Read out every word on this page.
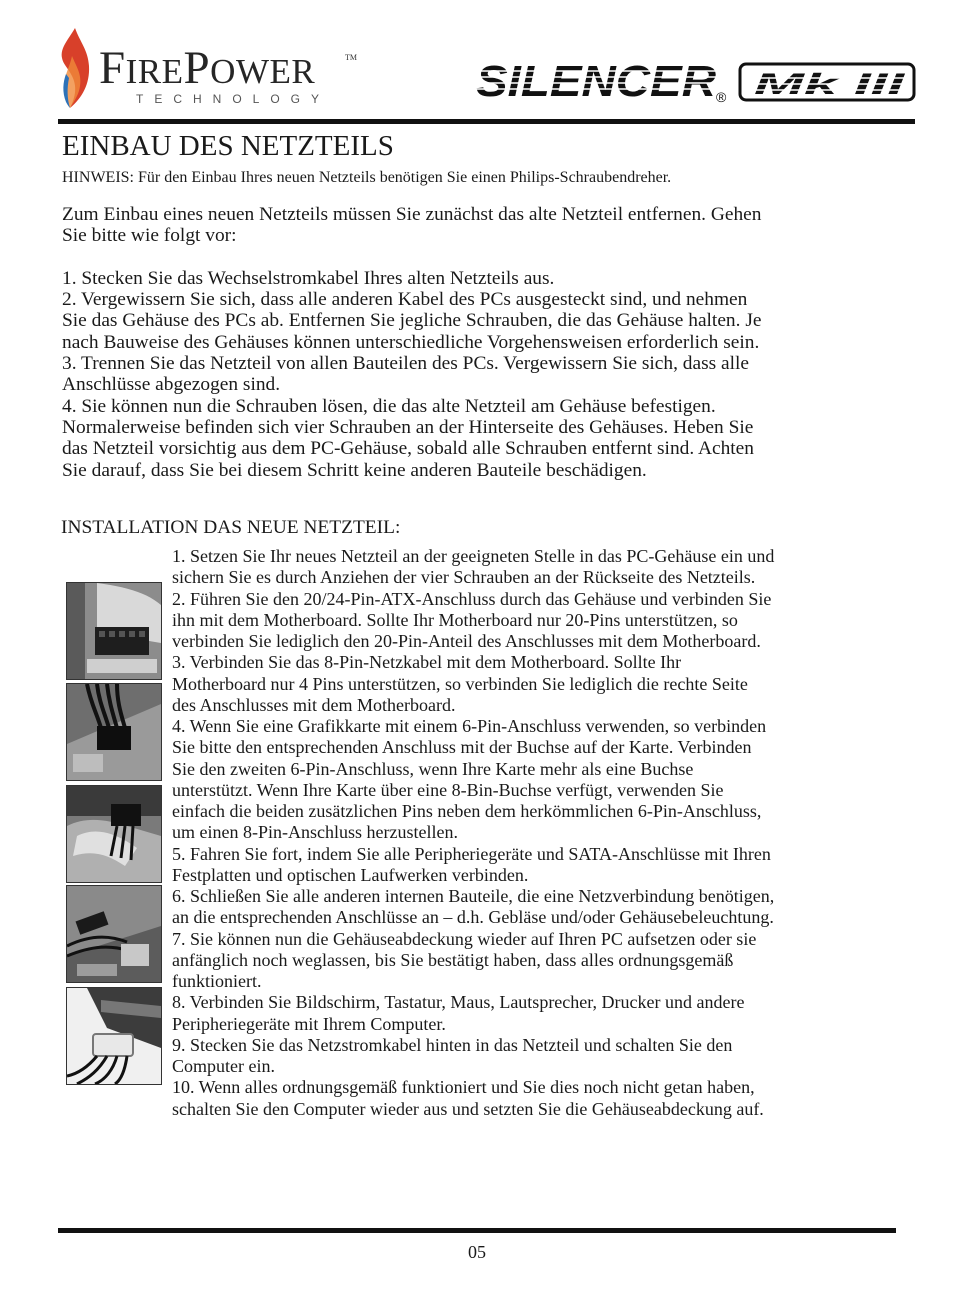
FIREPOWER	TM
TECHNOLOGY	SILENCER ® Mk III
EINBAU DES NETZTEILS
HINWEIS: Für den Einbau Ihres neuen Netzteils benötigen Sie einen Philips-Schraubendreher.
Zum Einbau eines neuen Netzteils müssen Sie zunächst das alte Netzteil entfernen. Gehen
Sie bitte wie folgt vor:
1. Stecken Sie das Wechselstromkabel Ihres alten Netzteils aus.
2. Vergewissern Sie sich, dass alle anderen Kabel des PCs ausgesteckt sind, und nehmen
Sie das Gehäuse des PCs ab. Entfernen Sie jegliche Schrauben, die das Gehäuse halten. Je
nach Bauweise des Gehäuses können unterschiedliche Vorgehensweisen erforderlich sein.
3. Trennen Sie das Netzteil von allen Bauteilen des PCs. Vergewissern Sie sich, dass alle
Anschlüsse abgezogen sind.
4. Sie können nun die Schrauben lösen, die das alte Netzteil am Gehäuse befestigen.
Normalerweise befinden sich vier Schrauben an der Hinterseite des Gehäuses. Heben Sie
das Netzteil vorsichtig aus dem PC-Gehäuse, sobald alle Schrauben entfernt sind. Achten
Sie darauf, dass Sie bei diesem Schritt keine anderen Bauteile beschädigen.
INSTALLATION DAS NEUE NETZTEIL:
1. Setzen Sie Ihr neues Netzteil an der geeigneten Stelle in das PC-Gehäuse ein und
sichern Sie es durch Anziehen der vier Schrauben an der Rückseite des Netzteils.
2. Führen Sie den 20/24-Pin-ATX-Anschluss durch das Gehäuse und verbinden Sie
ihn mit dem Motherboard. Sollte Ihr Motherboard nur 20-Pins unterstützen, so
verbinden Sie lediglich den 20-Pin-Anteil des Anschlusses mit dem Motherboard.
3. Verbinden Sie das 8-Pin-Netzkabel mit dem Motherboard. Sollte Ihr
Motherboard nur 4 Pins unterstützen, so verbinden Sie lediglich die rechte Seite
des Anschlusses mit dem Motherboard.
4. Wenn Sie eine Grafikkarte mit einem 6-Pin-Anschluss verwenden, so verbinden
Sie bitte den entsprechenden Anschluss mit der Buchse auf der Karte. Verbinden
Sie den zweiten 6-Pin-Anschluss, wenn Ihre Karte mehr als eine Buchse
unterstützt. Wenn Ihre Karte über eine 8-Bin-Buchse verfügt, verwenden Sie
einfach die beiden zusätzlichen Pins neben dem herkömmlichen 6-Pin-Anschluss,
um einen 8-Pin-Anschluss herzustellen.
5. Fahren Sie fort, indem Sie alle Peripheriegeräte und SATA-Anschlüsse mit Ihren
Festplatten und optischen Laufwerken verbinden.
6. Schließen Sie alle anderen internen Bauteile, die eine Netzverbindung benötigen,
an die entsprechenden Anschlüsse an – d.h. Gebläse und/oder Gehäusebeleuchtung.
7. Sie können nun die Gehäuseabdeckung wieder auf Ihren PC aufsetzen oder sie
anfänglich noch weglassen, bis Sie bestätigt haben, dass alles ordnungsgemäß
funktioniert.
8. Verbinden Sie Bildschirm, Tastatur, Maus, Lautsprecher, Drucker und andere
Peripheriegeräte mit Ihrem Computer.
9. Stecken Sie das Netzstromkabel hinten in das Netzteil und schalten Sie den
Computer ein.
10. Wenn alles ordnungsgemäß funktioniert und Sie dies noch nicht getan haben,
schalten Sie den Computer wieder aus und setzten Sie die Gehäuseabdeckung auf.
05
